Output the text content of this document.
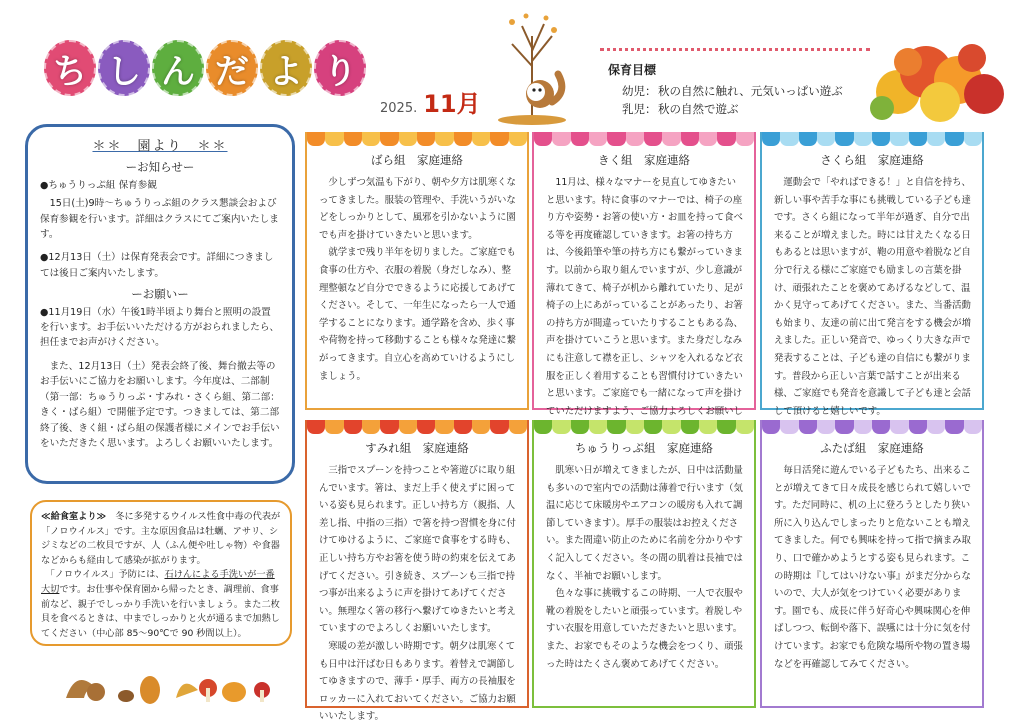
ち し ん だ よ り
2025. 11月
保育目標
幼児： 秋の自然に触れ、元気いっぱい遊ぶ
乳児： 秋の自然で遊ぶ
＊＊　園より　＊＊
ーお知らせー

●ちゅうりっぷ組 保育参観

　15日(土)9時～ちゅうりっぷ組のクラス懇談会および保育参観を行います。詳細はクラスにてご案内いたします。

●12月13日（土）は保育発表会です。詳細につきましては後日ご案内いたします。

ーお願いー

●11月19日（水）午後1時半頃より舞台と照明の設置を行います。お手伝いいただける方がおられましたら、担任までお声がけください。

　また、12月13日（土）発表会終了後、舞台撤去等のお手伝いにご協力をお願いします。今年度は、二部制（第一部：ちゅうりっぷ・すみれ・さくら組、第二部：きく・ばら組）で開催予定です。つきましては、第二部終了後、きく組・ばら組の保護者様にメインでお手伝いをいただきたく思います。よろしくお願いいたします。

≪給食室より≫　冬に多発するウイルス性食中毒の代表が「ノロウイルス」です。主な原因食品は牡蠣、アサリ、シジミなどの二枚貝ですが、人（ふん便や吐しゃ物）や食器などからも経由して感染が拡がります。

　「ノロウイルス」予防には、石けんによる手洗いが一番大切です。お仕事や保育園から帰ったとき、調理前、食事前など、親子でしっかり手洗いを行いましょう。また二枚貝を食べるときは、中までしっかりと火が通るまで加熱してください（中心部 85～90℃で 90 秒間以上）。

ばら組　家庭連絡
　少しずつ気温も下がり、朝や夕方は肌寒くなってきました。服装の管理や、手洗いうがいなどをしっかりとして、風邪を引かないように園でも声を掛けていきたいと思います。
　就学まで残り半年を切りました。ご家庭でも食事の仕方や、衣服の着脱（身だしなみ）、整理整頓など自分でできるように応援してあげてください。そして、一年生になったら一人で通学することになります。通学路を含め、歩く事や荷物を持って移動することも様々な発達に繋がってきます。自立心を高めていけるようにしましょう。
きく組　家庭連絡
　11月は、様々なマナーを見直してゆきたいと思います。特に食事のマナーでは、椅子の座り方や姿勢・お箸の使い方・お皿を持って食べる等を再度確認していきます。お箸の持ち方は、今後鉛筆や筆の持ち方にも繋がっていきます。以前から取り組んでいますが、少し意識が薄れてきて、椅子が机から離れていたり、足が椅子の上にあがっていることがあったり、お箸の持ち方が間違っていたりすることもある為、声を掛けていこうと思います。また身だしなみにも注意して襟を正し、シャツを入れるなど衣服を正しく着用することも習慣付けていきたいと思います。ご家庭でも一緒になって声を掛けていただけますよう、ご協力よろしくお願いし
さくら組　家庭連絡
　運動会で「やればできる！」と自信を持ち、新しい事や苦手な事にも挑戦している子ども達です。さくら組になって半年が過ぎ、自分で出来ることが増えました。時には甘えたくなる日もあるとは思いますが、鞄の用意や着脱など自分で行える様にご家庭でも励ましの言葉を掛け、頑張れたことを褒めてあげるなどして、温かく見守ってあげてください。また、当番活動も始まり、友達の前に出て発言をする機会が増えました。正しい発音で、ゆっくり大きな声で発表することは、子ども達の自信にも繋がります。普段から正しい言葉で話すことが出来る様、ご家庭でも発音を意識して子ども達と会話して頂けると嬉しいです。
すみれ組　家庭連絡
　三指でスプーンを持つことや箸遊びに取り組んでいます。箸は、まだ上手く使えずに困っている姿も見られます。正しい持ち方（親指、人差し指、中指の三指）で箸を持つ習慣を身に付けてゆけるように、ご家庭で食事をする時も、正しい持ち方やお箸を使う時の約束を伝えてあげてください。引き続き、スプーンも三指で持つ事が出来るように声を掛けてあげてください。無理なく箸の移行へ繋げてゆきたいと考えていますのでよろしくお願いいたします。
　寒暖の差が激しい時期です。朝夕は肌寒くても日中は汗ばむ日もあります。着替えで調節してゆきますので、薄手・厚手、両方の長袖服をロッカーに入れておいてください。ご協力お願いいたします。
ちゅうりっぷ組　家庭連絡
　肌寒い日が増えてきましたが、日中は活動量も多いので室内での活動は薄着で行います（気温に応じて床暖房やエアコンの暖房も入れて調節していきます）。厚手の服装はお控えください。また間違い防止のために名前を分かりやすく記入してください。冬の間の肌着は長袖ではなく、半袖でお願いします。
　色々な事に挑戦するこの時期、一人で衣服や靴の着脱をしたいと頑張っています。着脱しやすい衣服を用意していただきたいと思います。また、お家でもそのような機会をつくり、頑張った時はたくさん褒めてあげてください。
ふたば組　家庭連絡
　毎日活発に遊んでいる子どもたち、出来ることが増えてきて日々成長を感じられて嬉しいです。ただ同時に、机の上に登ろうとしたり狭い所に入り込んでしまったりと危ないことも増えてきました。何でも興味を持って指で摘まみ取り、口で確かめようとする姿も見られます。この時期は『してはいけない事』がまだ分からないので、大人が気をつけていく必要があります。園でも、成長に伴う好奇心や興味関心を伸ばしつつ、転倒や落下、誤嚥には十分に気を付けています。お家でも危険な場所や物の置き場などを再確認してみてください。
